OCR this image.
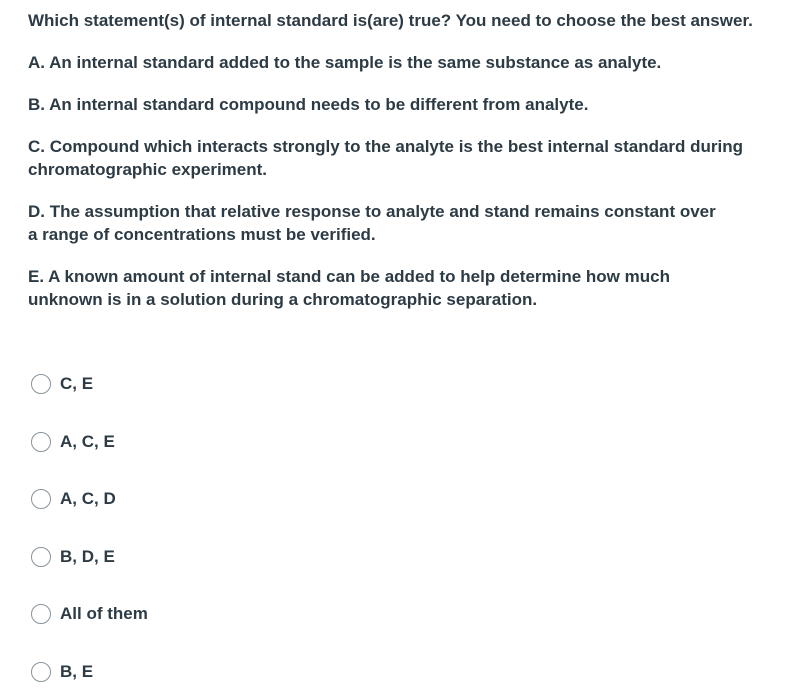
Which statement(s) of internal standard is(are) true? You need to choose the best answer.

A. An internal standard added to the sample is the same substance as analyte.

B. An internal standard compound needs to be different from analyte.

C. Compound which interacts strongly to the analyte is the best internal standard during chromatographic experiment.

D. The assumption that relative response to analyte and stand remains constant over a range of concentrations must be verified.

E. A known amount of internal stand can be added to help determine how much unknown is in a solution during a chromatographic separation.

C, E
A, C, E
A, C, D
B, D, E
All of them
B, E
